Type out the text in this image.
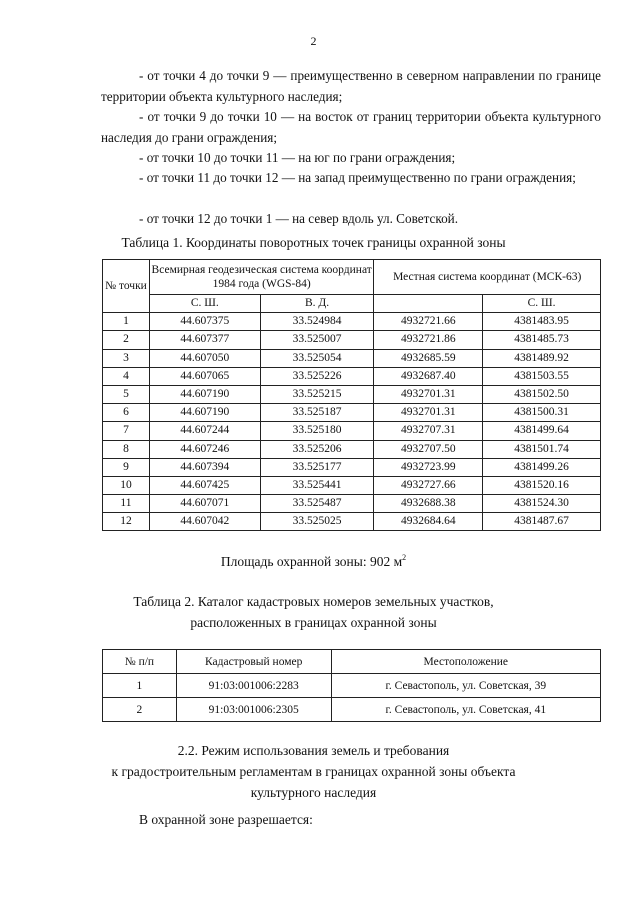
2

- от точки 4 до точки 9 — преимущественно в северном направлении по границе территории объекта культурного наследия;

- от точки 9 до точки 10 — на восток от границ территории объекта культурного наследия до грани ограждения;

- от точки 10 до точки 11 — на юг по грани ограждения;

- от точки 11 до точки 12 — на запад преимущественно по грани ограждения;

- от точки 12 до точки 1 — на север вдоль ул. Советской.

Таблица 1. Координаты поворотных точек границы охранной зоны

№ точки	Всемирная геодезическая система координат 1984 года (WGS-84)		Местная система координат (МСК-63)	
	С. Ш.	В. Д.		С. Ш.
1	44.607375	33.524984	4932721.66	4381483.95
2	44.607377	33.525007	4932721.86	4381485.73
3	44.607050	33.525054	4932685.59	4381489.92
4	44.607065	33.525226	4932687.40	4381503.55
5	44.607190	33.525215	4932701.31	4381502.50
6	44.607190	33.525187	4932701.31	4381500.31
7	44.607244	33.525180	4932707.31	4381499.64
8	44.607246	33.525206	4932707.50	4381501.74
9	44.607394	33.525177	4932723.99	4381499.26
10	44.607425	33.525441	4932727.66	4381520.16
11	44.607071	33.525487	4932688.38	4381524.30
12	44.607042	33.525025	4932684.64	4381487.67
Площадь охранной зоны: 902 $м^2$

Таблица 2. Каталог кадастровых номеров земельных участков,

расположенных в границах охранной зоны

№ п/п	Кадастровый номер	Местоположение
1	91:03:001006:2283	г. Севастополь, ул. Советская, 39
2	91:03:001006:2305	г. Севастополь, ул. Советская, 41

2.2. Режим использования земель и требования
к градостроительным регламентам в границах охранной зоны объекта
культурного наследия

В охранной зоне разрешается:
